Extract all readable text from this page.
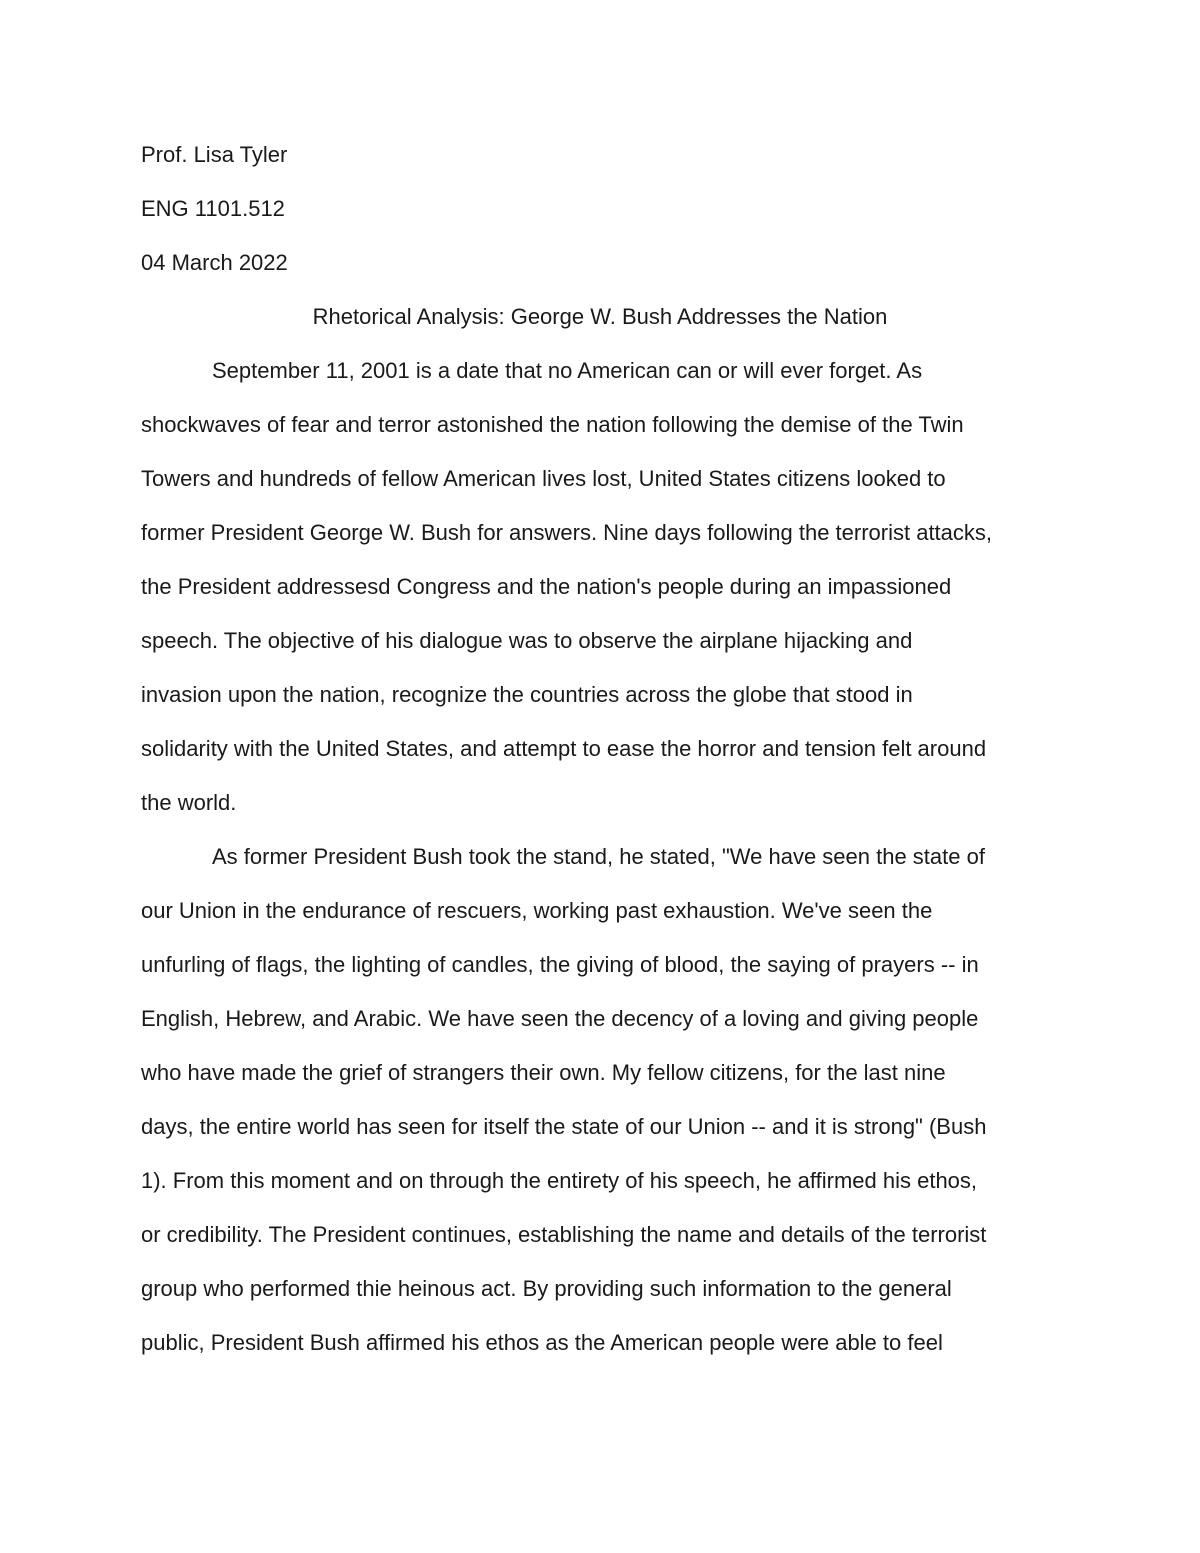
Prof. Lisa Tyler
ENG 1101.512
04 March 2022
Rhetorical Analysis: George W. Bush Addresses the Nation
September 11, 2001 is a date that no American can or will ever forget. As
shockwaves of fear and terror astonished the nation following the demise of the Twin
Towers and hundreds of fellow American lives lost, United States citizens looked to
former President George W. Bush for answers. Nine days following the terrorist attacks,
the President addressesd Congress and the nation's people during an impassioned
speech. The objective of his dialogue was to observe the airplane hijacking and
invasion upon the nation, recognize the countries across the globe that stood in
solidarity with the United States, and attempt to ease the horror and tension felt around
the world.
As former President Bush took the stand, he stated, "We have seen the state of
our Union in the endurance of rescuers, working past exhaustion. We've seen the
unfurling of flags, the lighting of candles, the giving of blood, the saying of prayers -- in
English, Hebrew, and Arabic. We have seen the decency of a loving and giving people
who have made the grief of strangers their own. My fellow citizens, for the last nine
days, the entire world has seen for itself the state of our Union -- and it is strong" (Bush
1). From this moment and on through the entirety of his speech, he affirmed his ethos,
or credibility. The President continues, establishing the name and details of the terrorist
group who performed thie heinous act. By providing such information to the general
public, President Bush affirmed his ethos as the American people were able to feel
